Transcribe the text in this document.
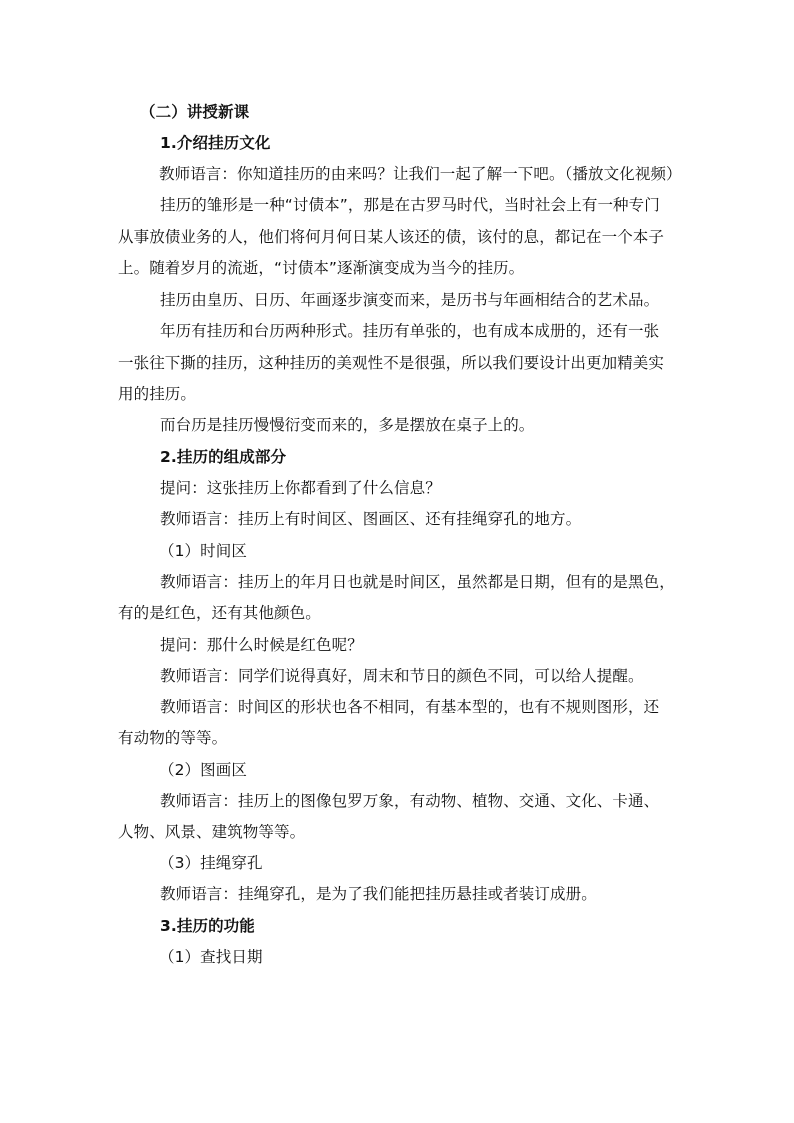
（二）讲授新课
1.介绍挂历文化
教师语言：你知道挂历的由来吗？让我们一起了解一下吧。（播放文化视频）
挂历的雏形是一种“讨债本”，那是在古罗马时代，当时社会上有一种专门
从事放债业务的人，他们将何月何日某人该还的债，该付的息，都记在一个本子
上。随着岁月的流逝，“讨债本”逐渐演变成为当今的挂历。
挂历由皇历、日历、年画逐步演变而来，是历书与年画相结合的艺术品。
年历有挂历和台历两种形式。挂历有单张的，也有成本成册的，还有一张
一张往下撕的挂历，这种挂历的美观性不是很强，所以我们要设计出更加精美实
用的挂历。
而台历是挂历慢慢衍变而来的，多是摆放在桌子上的。
2.挂历的组成部分
提问：这张挂历上你都看到了什么信息？
教师语言：挂历上有时间区、图画区、还有挂绳穿孔的地方。
（1）时间区
教师语言：挂历上的年月日也就是时间区，虽然都是日期，但有的是黑色，
有的是红色，还有其他颜色。
提问：那什么时候是红色呢？
教师语言：同学们说得真好，周末和节日的颜色不同，可以给人提醒。
教师语言：时间区的形状也各不相同，有基本型的，也有不规则图形，还
有动物的等等。
（2）图画区
教师语言：挂历上的图像包罗万象，有动物、植物、交通、文化、卡通、
人物、风景、建筑物等等。
（3）挂绳穿孔
教师语言：挂绳穿孔，是为了我们能把挂历悬挂或者装订成册。
3.挂历的功能
（1）查找日期
